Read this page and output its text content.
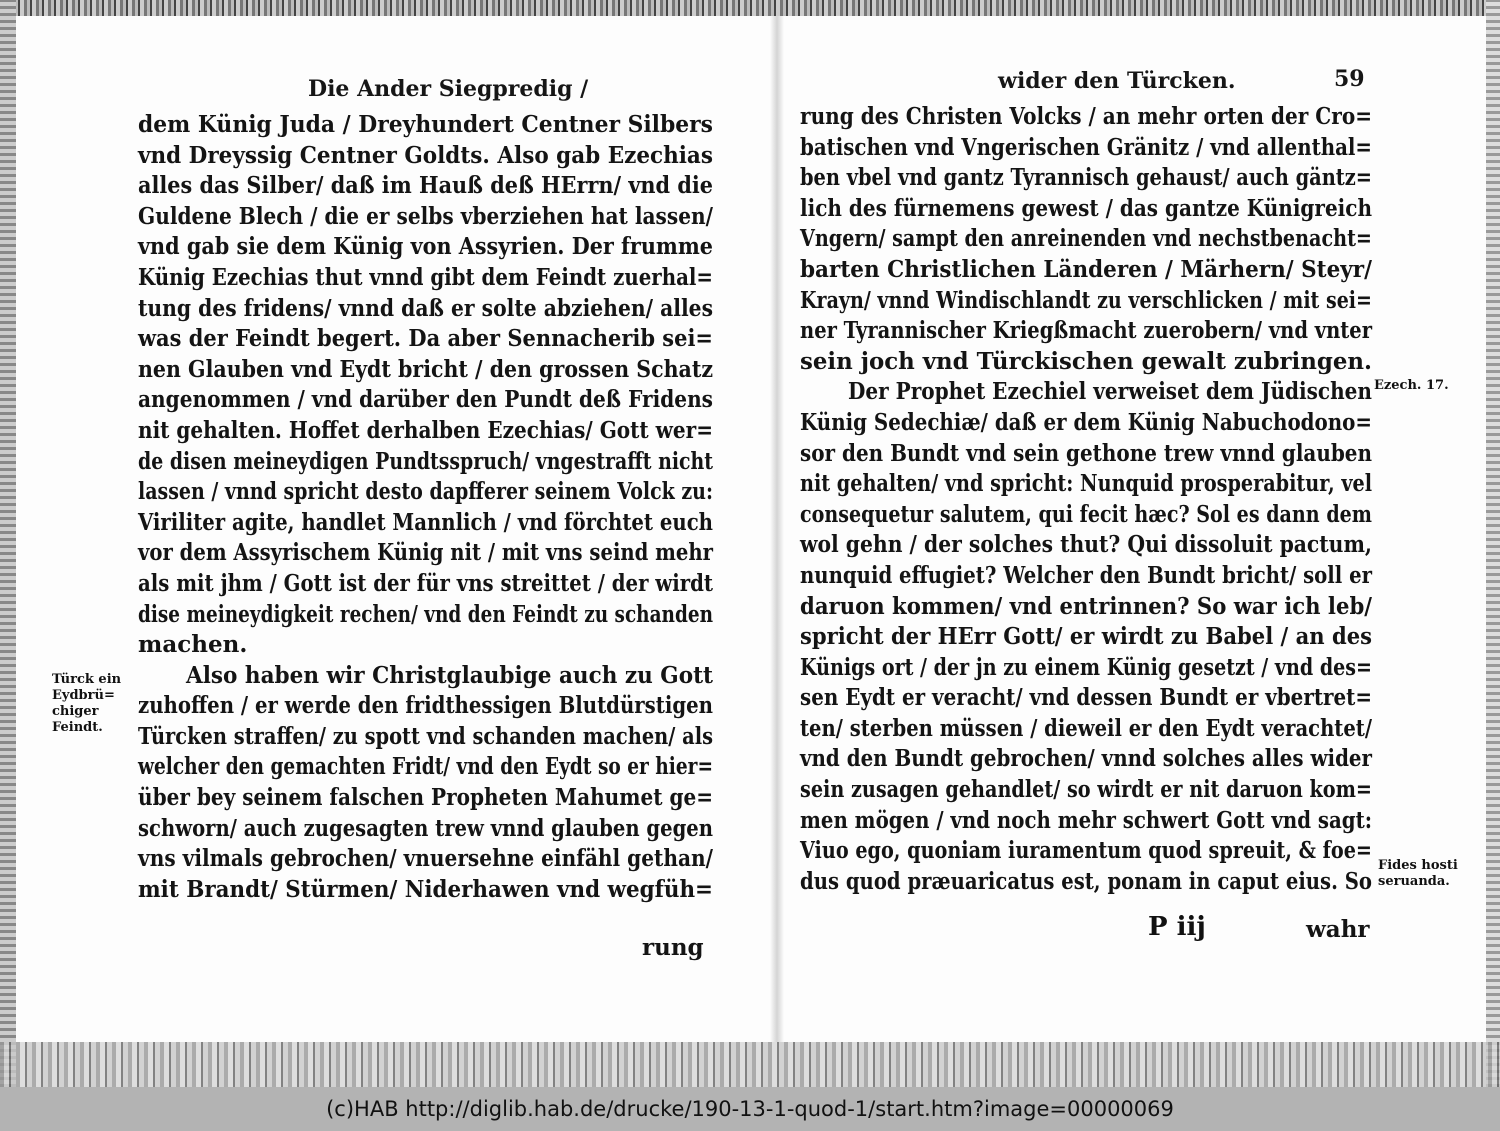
Die Ander Siegpredig /
dem Künig Juda / Dreyhundert Centner Silbers
vnd Dreyssig Centner Goldts. Also gab Ezechias
alles das Silber/ daß im Hauß deß HErrn/ vnd die
Guldene Blech / die er selbs vberziehen hat lassen/
vnd gab sie dem Künig von Assyrien. Der frumme
Künig Ezechias thut vnnd gibt dem Feindt zuerhal=
tung des fridens/ vnnd daß er solte abziehen/ alles
was der Feindt begert. Da aber Sennacherib sei=
nen Glauben vnd Eydt bricht / den grossen Schatz
angenommen / vnd darüber den Pundt deß Fridens
nit gehalten. Hoffet derhalben Ezechias/ Gott wer=
de disen meineydigen Pundtsspruch/ vngestrafft nicht
lassen / vnnd spricht desto dapfferer seinem Volck zu:
Viriliter agite, handlet Mannlich / vnd förchtet euch
vor dem Assyrischem Künig nit / mit vns seind mehr
als mit jhm / Gott ist der für vns streittet / der wirdt
dise meineydigkeit rechen/ vnd den Feindt zu schanden
machen.
Also haben wir Christglaubige auch zu Gott
zuhoffen / er werde den fridthessigen Blutdürstigen
Türcken straffen/ zu spott vnd schanden machen/ als
welcher den gemachten Fridt/ vnd den Eydt so er hier=
über bey seinem falschen Propheten Mahumet ge=
schworn/ auch zugesagten trew vnnd glauben gegen
vns vilmals gebrochen/ vnuersehne einfähl gethan/
mit Brandt/ Stürmen/ Niderhawen vnd wegfüh=
Türck ein
Eydbrü=
chiger
Feindt.
rung
wider den Türcken.	59
rung des Christen Volcks / an mehr orten der Cro=
batischen vnd Vngerischen Gränitz / vnd allenthal=
ben vbel vnd gantz Tyrannisch gehaust/ auch gäntz=
lich des fürnemens gewest / das gantze Künigreich
Vngern/ sampt den anreinenden vnd nechstbenacht=
barten Christlichen Länderen / Märhern/ Steyr/
Krayn/ vnnd Windischlandt zu verschlicken / mit sei=
ner Tyrannischer Kriegßmacht zuerobern/ vnd vnter
sein joch vnd Türckischen gewalt zubringen.
Der Prophet Ezechiel verweiset dem Jüdischen
Künig Sedechiæ/ daß er dem Künig Nabuchodono=
sor den Bundt vnd sein gethone trew vnnd glauben
nit gehalten/ vnd spricht: Nunquid prosperabitur, vel
consequetur salutem, qui fecit hæc? Sol es dann dem
wol gehn / der solches thut? Qui dissoluit pactum,
nunquid effugiet? Welcher den Bundt bricht/ soll er
daruon kommen/ vnd entrinnen? So war ich leb/
spricht der HErr Gott/ er wirdt zu Babel / an des
Künigs ort / der jn zu einem Künig gesetzt / vnd des=
sen Eydt er veracht/ vnd dessen Bundt er vbertret=
ten/ sterben müssen / dieweil er den Eydt verachtet/
vnd den Bundt gebrochen/ vnnd solches alles wider
sein zusagen gehandlet/ so wirdt er nit daruon kom=
men mögen / vnd noch mehr schwert Gott vnd sagt:
Viuo ego, quoniam iuramentum quod spreuit, & foe=
dus quod præuaricatus est, ponam in caput eius. So
Ezech. 17.
Fides hosti
seruanda.
P iij	wahr
(c)HAB http://diglib.hab.de/drucke/190-13-1-quod-1/start.htm?image=00000069
